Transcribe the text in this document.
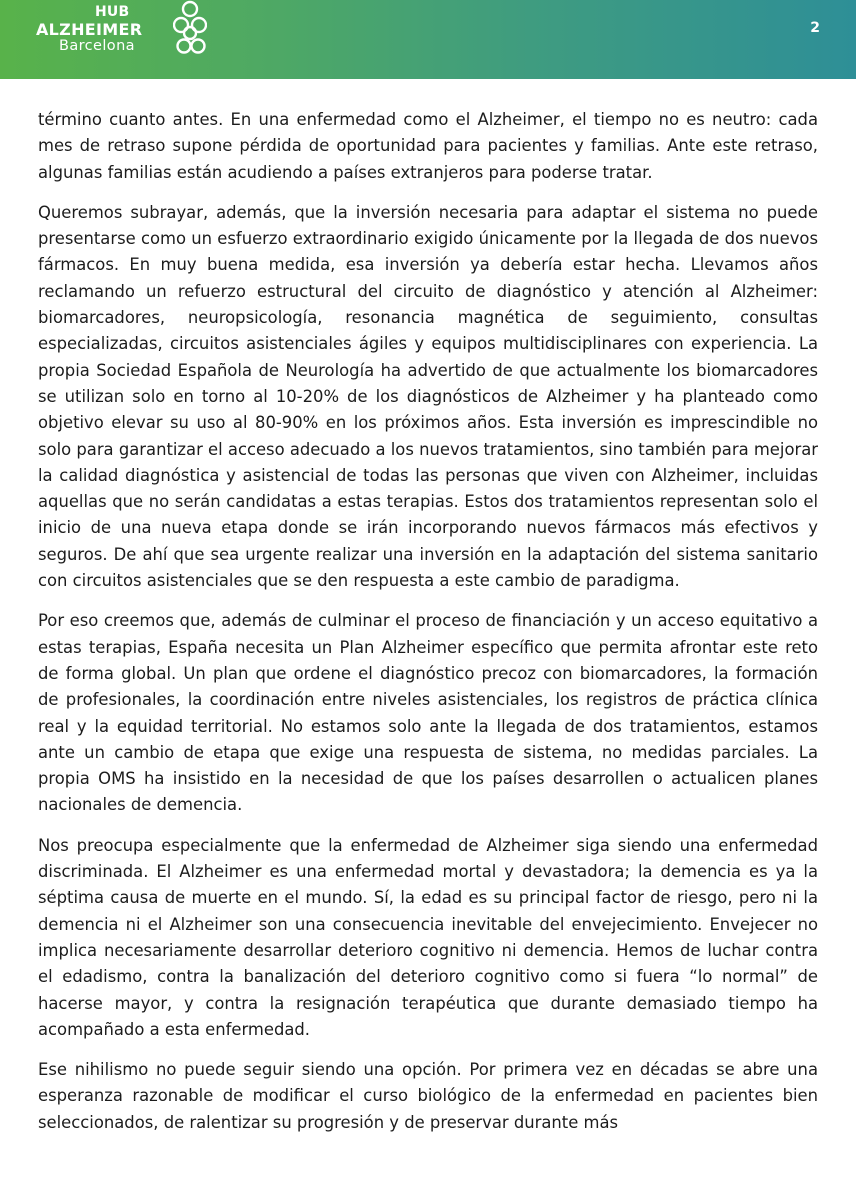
HUB
ALZHEIMER
Barcelona
2

término cuanto antes. En una enfermedad como el Alzheimer, el tiempo no es neutro: cada mes de retraso supone pérdida de oportunidad para pacientes y familias. Ante este retraso, algunas familias están acudiendo a países extranjeros para poderse tratar.

Queremos subrayar, además, que la inversión necesaria para adaptar el sistema no puede presentarse como un esfuerzo extraordinario exigido únicamente por la llegada de dos nuevos fármacos. En muy buena medida, esa inversión ya debería estar hecha. Llevamos años reclamando un refuerzo estructural del circuito de diagnóstico y atención al Alzheimer: biomarcadores, neuropsicología, resonancia magnética de seguimiento, consultas especializadas, circuitos asistenciales ágiles y equipos multidisciplinares con experiencia. La propia Sociedad Española de Neurología ha advertido de que actualmente los biomarcadores se utilizan solo en torno al 10-20% de los diagnósticos de Alzheimer y ha planteado como objetivo elevar su uso al 80-90% en los próximos años. Esta inversión es imprescindible no solo para garantizar el acceso adecuado a los nuevos tratamientos, sino también para mejorar la calidad diagnóstica y asistencial de todas las personas que viven con Alzheimer, incluidas aquellas que no serán candidatas a estas terapias. Estos dos tratamientos representan solo el inicio de una nueva etapa donde se irán incorporando nuevos fármacos más efectivos y seguros. De ahí que sea urgente realizar una inversión en la adaptación del sistema sanitario con circuitos asistenciales que se den respuesta a este cambio de paradigma.

Por eso creemos que, además de culminar el proceso de financiación y un acceso equitativo a estas terapias, España necesita un Plan Alzheimer específico que permita afrontar este reto de forma global. Un plan que ordene el diagnóstico precoz con biomarcadores, la formación de profesionales, la coordinación entre niveles asistenciales, los registros de práctica clínica real y la equidad territorial. No estamos solo ante la llegada de dos tratamientos, estamos ante un cambio de etapa que exige una respuesta de sistema, no medidas parciales. La propia OMS ha insistido en la necesidad de que los países desarrollen o actualicen planes nacionales de demencia.

Nos preocupa especialmente que la enfermedad de Alzheimer siga siendo una enfermedad discriminada. El Alzheimer es una enfermedad mortal y devastadora; la demencia es ya la séptima causa de muerte en el mundo. Sí, la edad es su principal factor de riesgo, pero ni la demencia ni el Alzheimer son una consecuencia inevitable del envejecimiento. Envejecer no implica necesariamente desarrollar deterioro cognitivo ni demencia. Hemos de luchar contra el edadismo, contra la banalización del deterioro cognitivo como si fuera “lo normal” de hacerse mayor, y contra la resignación terapéutica que durante demasiado tiempo ha acompañado a esta enfermedad.

Ese nihilismo no puede seguir siendo una opción. Por primera vez en décadas se abre una esperanza razonable de modificar el curso biológico de la enfermedad en pacientes bien seleccionados, de ralentizar su progresión y de preservar durante más
